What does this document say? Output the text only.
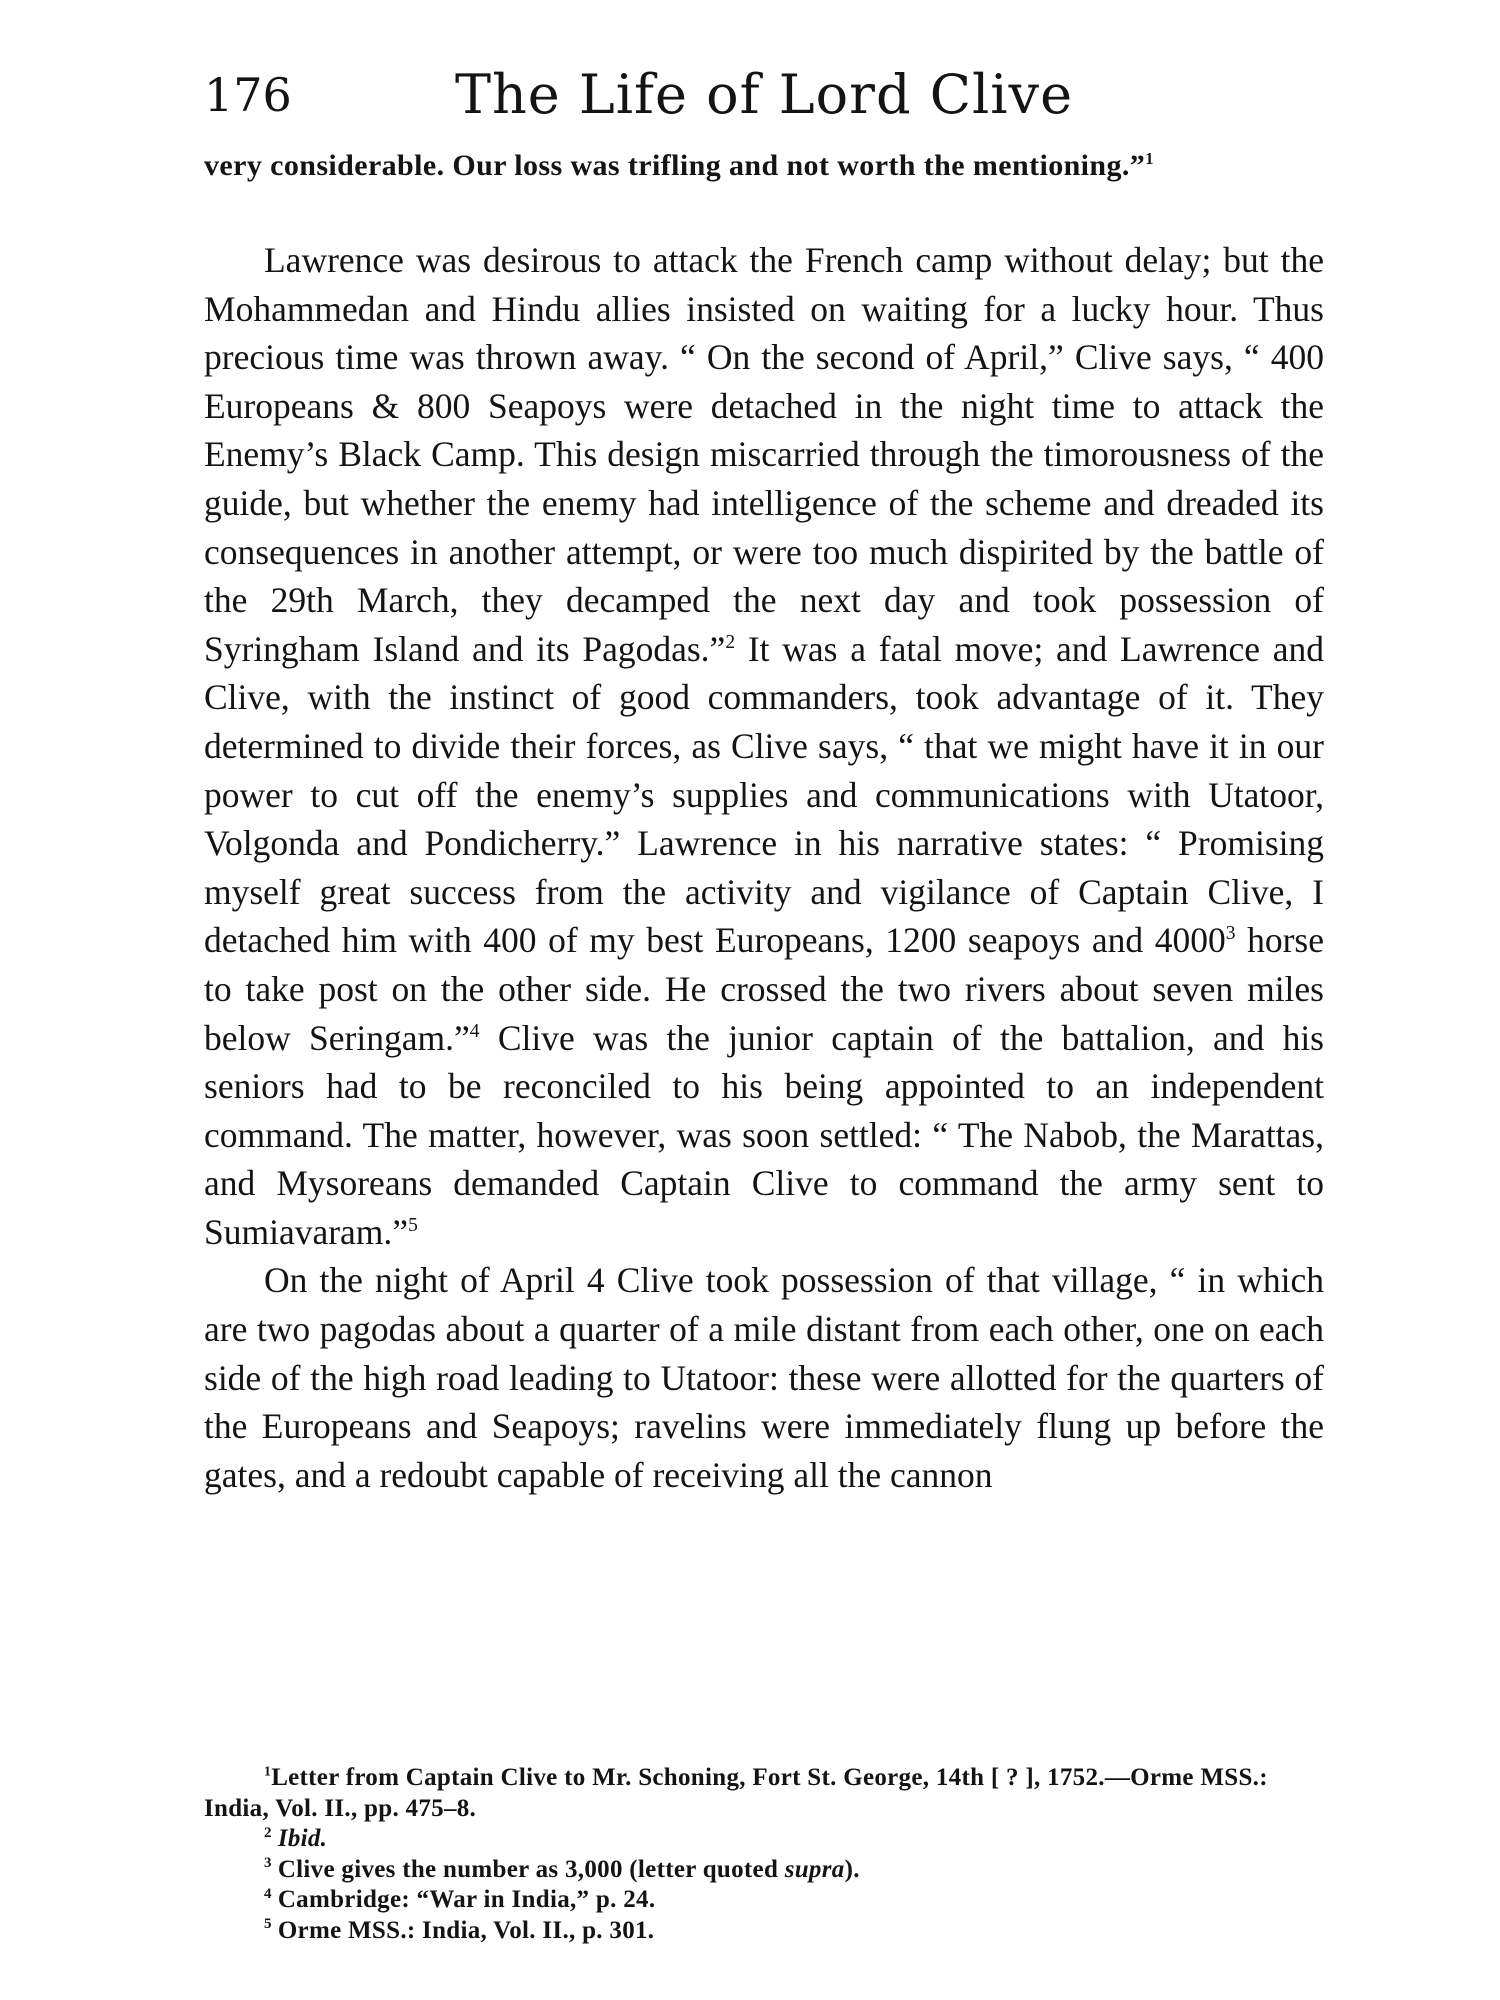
176	The Life of Lord Clive
very considerable. Our loss was trifling and not worth the mentioning.”$^1$

Lawrence was desirous to attack the French camp without delay; but the Mohammedan and Hindu allies insisted on waiting for a lucky hour. Thus precious time was thrown away. “ On the second of April,” Clive says, “ 400 Europeans & 800 Seapoys were detached in the night time to attack the Enemy’s Black Camp. This design miscarried through the timorousness of the guide, but whether the enemy had intelligence of the scheme and dreaded its consequences in another attempt, or were too much dispirited by the battle of the 29th March, they decamped the next day and took possession of Syringham Island and its Pagodas.”$^2$ It was a fatal move; and Lawrence and Clive, with the instinct of good commanders, took advantage of it. They determined to divide their forces, as Clive says, “ that we might have it in our power to cut off the enemy’s supplies and communications with Utatoor, Volgonda and Pondicherry.” Lawrence in his narrative states: “ Promising myself great success from the activity and vigilance of Captain Clive, I detached him with 400 of my best Europeans, 1200 seapoys and 4000$^3$ horse to take post on the other side. He crossed the two rivers about seven miles below Seringam.”$^4$ Clive was the junior captain of the battalion, and his seniors had to be reconciled to his being appointed to an independent command. The matter, however, was soon settled: “ The Nabob, the Marattas, and Mysoreans demanded Captain Clive to command the army sent to Sumiavaram.”$^5$

On the night of April 4 Clive took possession of that village, “ in which are two pagodas about a quarter of a mile distant from each other, one on each side of the high road leading to Utatoor: these were allotted for the quarters of the Europeans and Seapoys; ravelins were immediately flung up before the gates, and a redoubt capable of receiving all the cannon

$^1$Letter from Captain Clive to Mr. Schoning, Fort St. George, 14th [ ? ], 1752.—Orme MSS.: India, Vol. II., pp. 475–8.

$^2$ Ibid.

$^3$ Clive gives the number as 3,000 (letter quoted supra).

$^4$ Cambridge: “War in India,” p. 24.

$^5$ Orme MSS.: India, Vol. II., p. 301.
